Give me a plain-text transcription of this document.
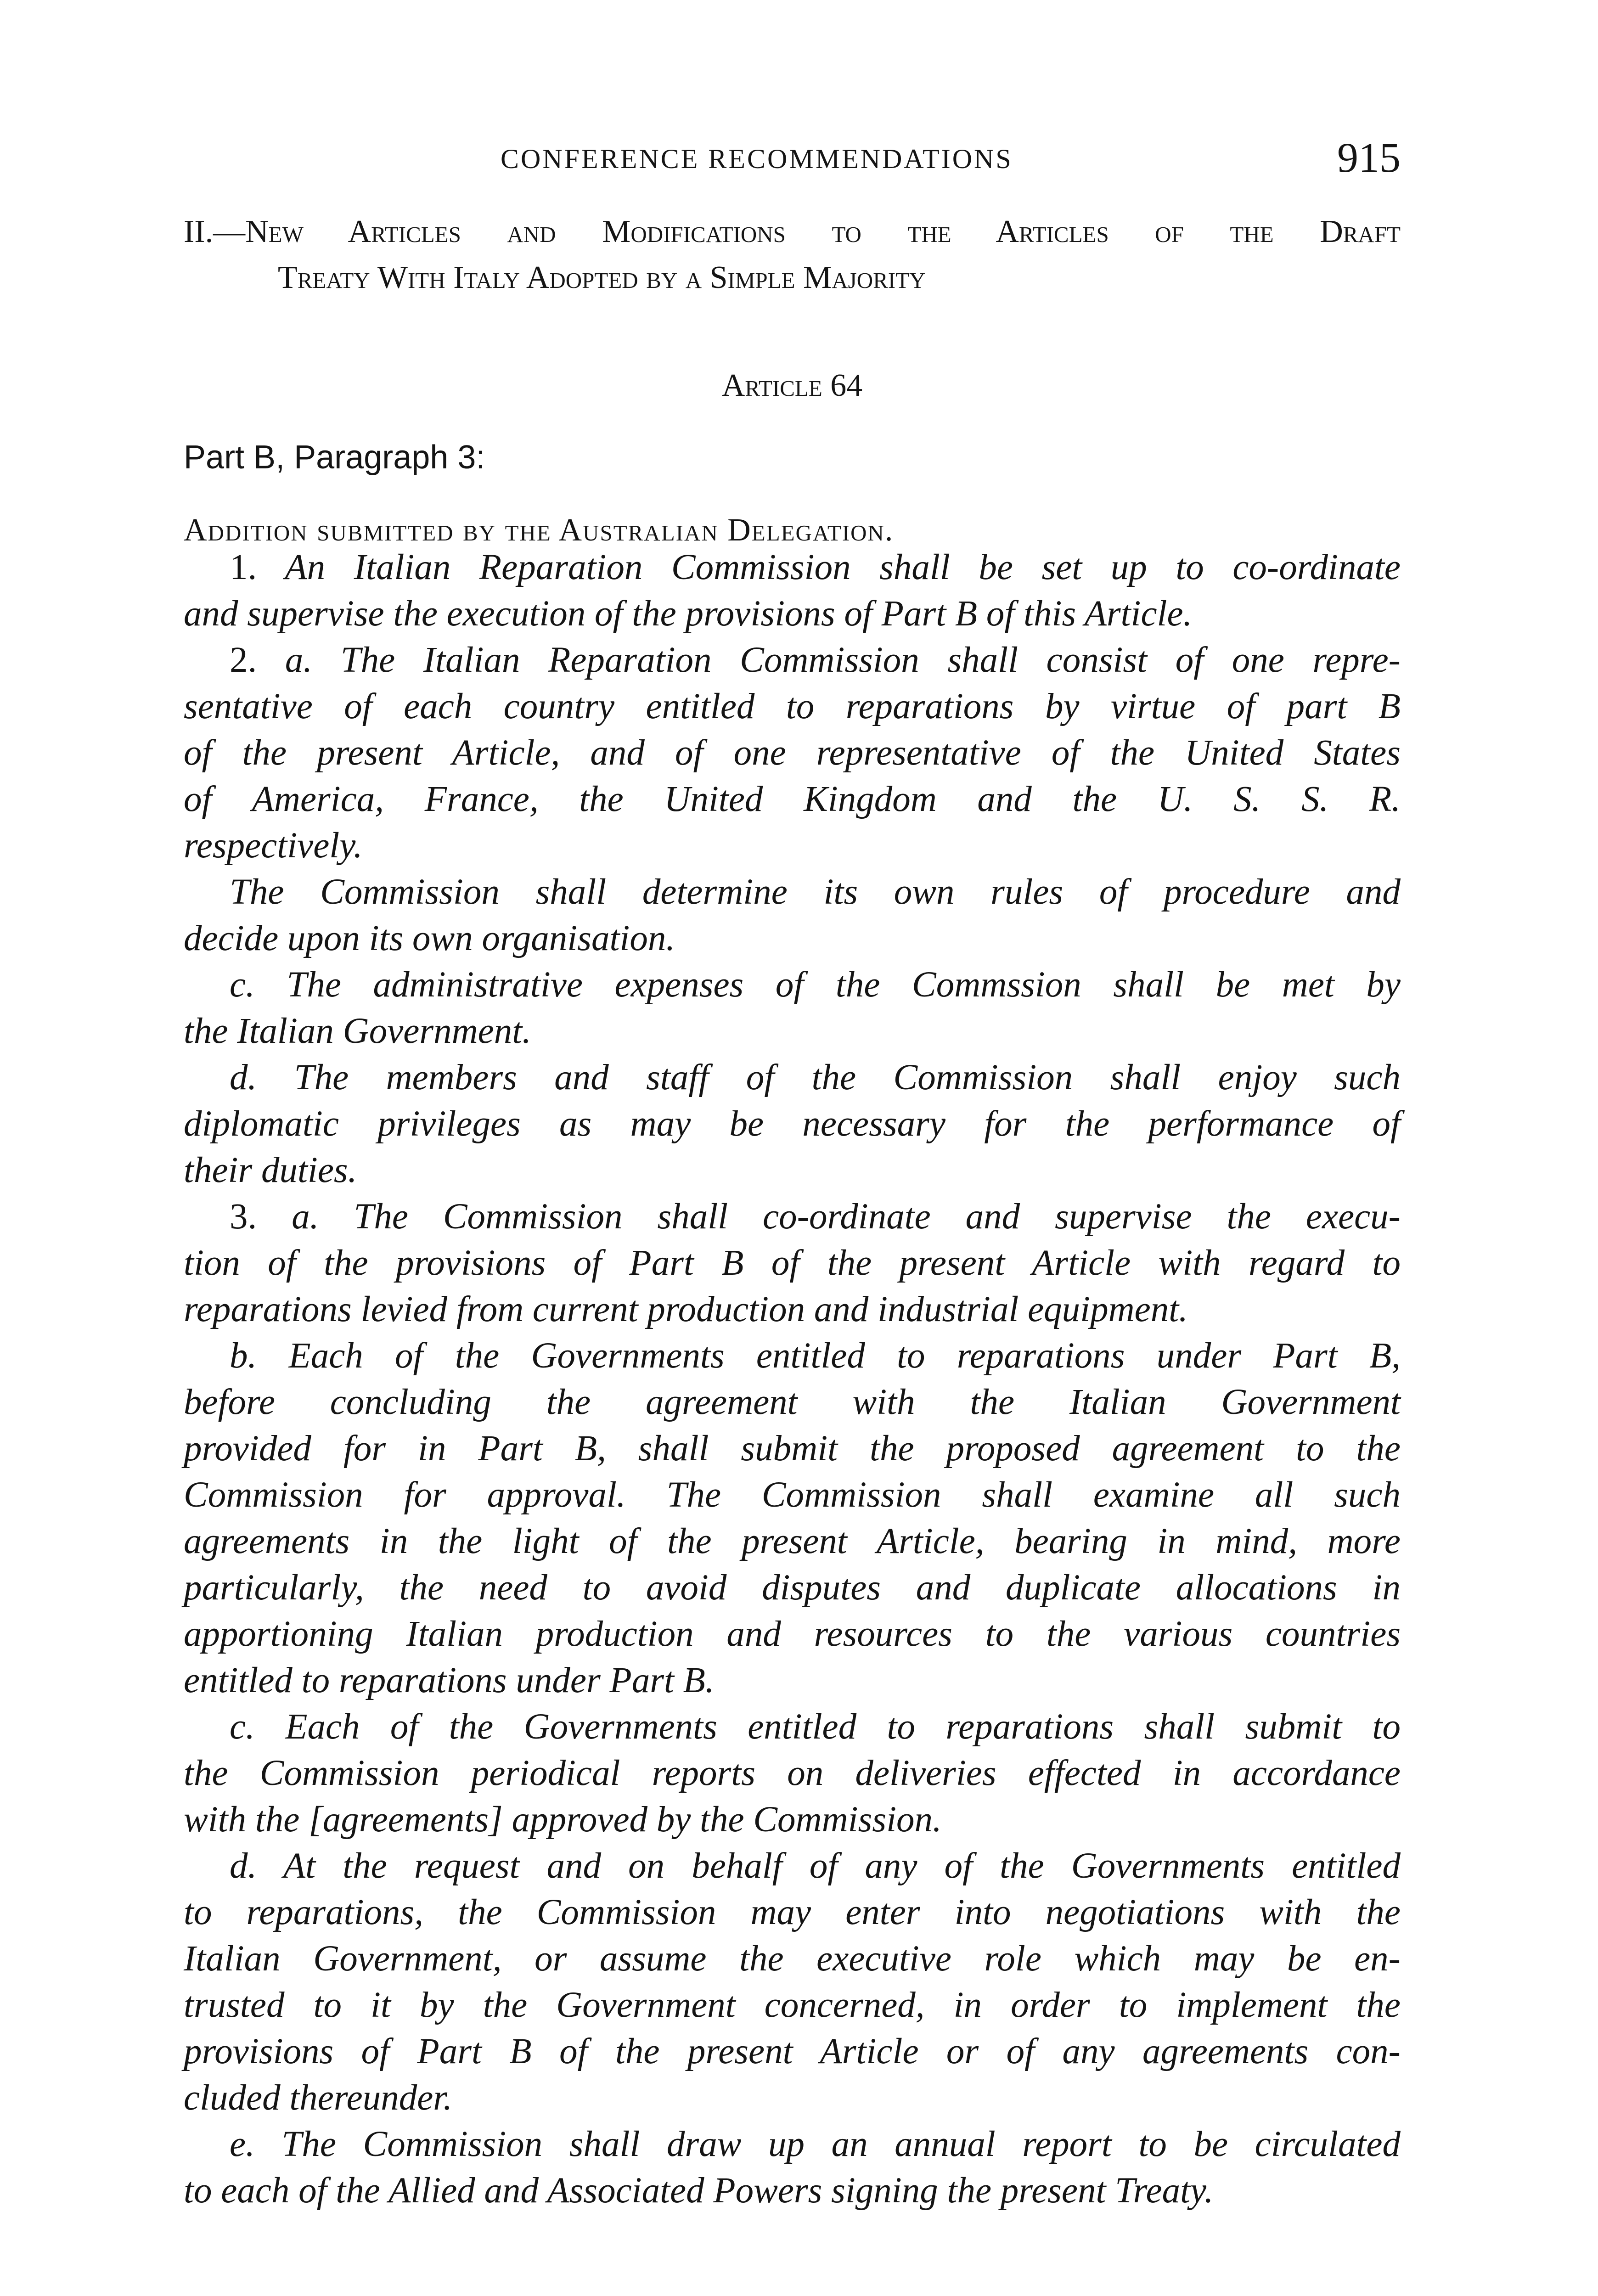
CONFERENCE RECOMMENDATIONS	915
II.—New Articles and Modifications to the Articles of the Draft
Treaty With Italy Adopted by a Simple Majority
Article 64
Part B, Paragraph 3:
Addition submitted by the Australian Delegation.

1. An Italian Reparation Commission shall be set up to co-ordinate
and supervise the execution of the provisions of Part B of this Article.

2. a. The Italian Reparation Commission shall consist of one repre-
sentative of each country entitled to reparations by virtue of part B
of the present Article, and of one representative of the United States
of America, France, the United Kingdom and the U. S. S. R.
respectively.

The Commission shall determine its own rules of procedure and
decide upon its own organisation.

c. The administrative expenses of the Commssion shall be met by
the Italian Government.

d. The members and staff of the Commission shall enjoy such
diplomatic privileges as may be necessary for the performance of
their duties.

3. a. The Commission shall co-ordinate and supervise the execu-
tion of the provisions of Part B of the present Article with regard to
reparations levied from current production and industrial equipment.

b. Each of the Governments entitled to reparations under Part B,
before concluding the agreement with the Italian Government
provided for in Part B, shall submit the proposed agreement to the
Commission for approval. The Commission shall examine all such
agreements in the light of the present Article, bearing in mind, more
particularly, the need to avoid disputes and duplicate allocations in
apportioning Italian production and resources to the various countries
entitled to reparations under Part B.

c. Each of the Governments entitled to reparations shall submit to
the Commission periodical reports on deliveries effected in accordance
with the [agreements] approved by the Commission.

d. At the request and on behalf of any of the Governments entitled
to reparations, the Commission may enter into negotiations with the
Italian Government, or assume the executive role which may be en-
trusted to it by the Government concerned, in order to implement the
provisions of Part B of the present Article or of any agreements con-
cluded thereunder.

e. The Commission shall draw up an annual report to be circulated
to each of the Allied and Associated Powers signing the present Treaty.
